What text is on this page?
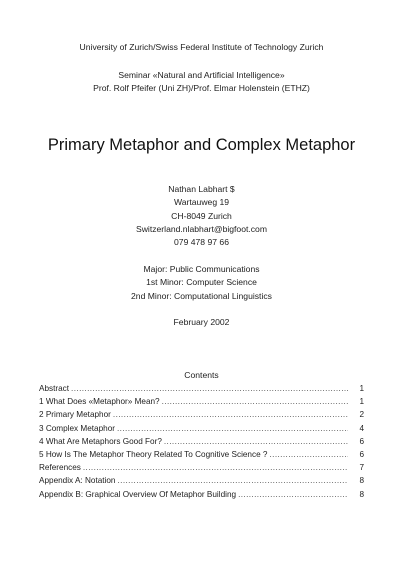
University of Zurich/Swiss Federal Institute of Technology Zurich
Seminar «Natural and Artificial Intelligence»
Prof. Rolf Pfeifer (Uni ZH)/Prof. Elmar Holenstein (ETHZ)
Primary Metaphor and Complex Metaphor
Nathan Labhart $
Wartauweg 19
CH-8049 Zurich
Switzerland.nlabhart@bigfoot.com
079 478 97 66
Major: Public Communications
1st Minor: Computer Science
2nd Minor: Computational Linguistics
February 2002
Contents
Abstract .....	1
1 What Does «Metaphor» Mean? .....	1
2 Primary Metaphor .....	2
3 Complex Metaphor .....	4
4 What Are Metaphors Good For? .....	6
5 How Is The Metaphor Theory Related To Cognitive Science ? .....	6
References .....	7
Appendix A: Notation .....	8
Appendix B: Graphical Overview Of Metaphor Building .....	8
